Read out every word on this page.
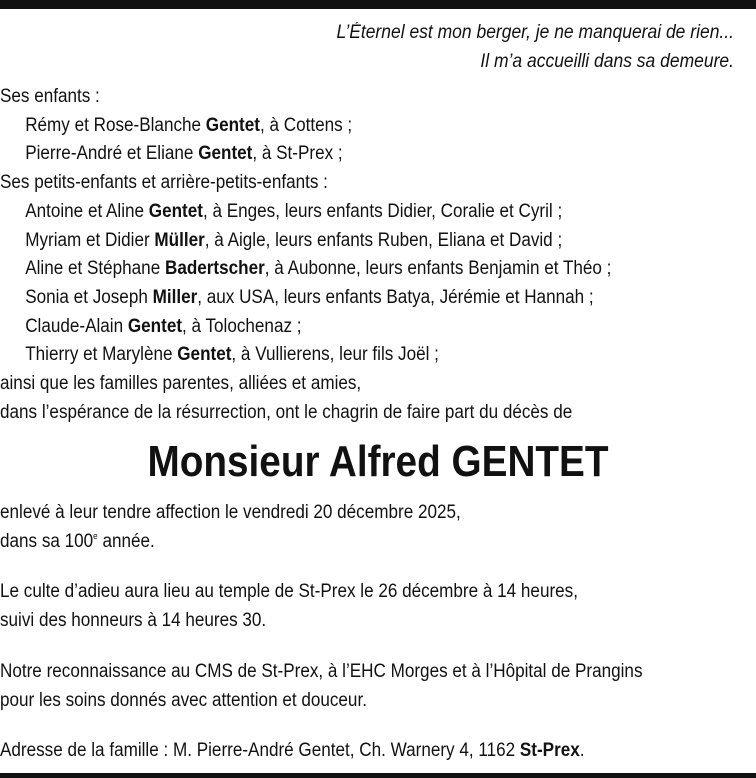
L’Éternel est mon berger, je ne manquerai de rien...
Il m’a accueilli dans sa demeure.
Ses enfants :
Rémy et Rose-Blanche Gentet, à Cottens ;
Pierre-André et Eliane Gentet, à St-Prex ;
Ses petits-enfants et arrière-petits-enfants :
Antoine et Aline Gentet, à Enges, leurs enfants Didier, Coralie et Cyril ;
Myriam et Didier Müller, à Aigle, leurs enfants Ruben, Eliana et David ;
Aline et Stéphane Badertscher, à Aubonne, leurs enfants Benjamin et Théo ;
Sonia et Joseph Miller, aux USA, leurs enfants Batya, Jérémie et Hannah ;
Claude-Alain Gentet, à Tolochenaz ;
Thierry et Marylène Gentet, à Vullierens, leur fils Joël ;
ainsi que les familles parentes, alliées et amies,
dans l’espérance de la résurrection, ont le chagrin de faire part du décès de
Monsieur Alfred GENTET
enlevé à leur tendre affection le vendredi 20 décembre 2025,
dans sa 100e année.
Le culte d’adieu aura lieu au temple de St-Prex le 26 décembre à 14 heures,
suivi des honneurs à 14 heures 30.
Notre reconnaissance au CMS de St-Prex, à l’EHC Morges et à l’Hôpital de Prangins
pour les soins donnés avec attention et douceur.
Adresse de la famille : M. Pierre-André Gentet, Ch. Warnery 4, 1162 St-Prex.
